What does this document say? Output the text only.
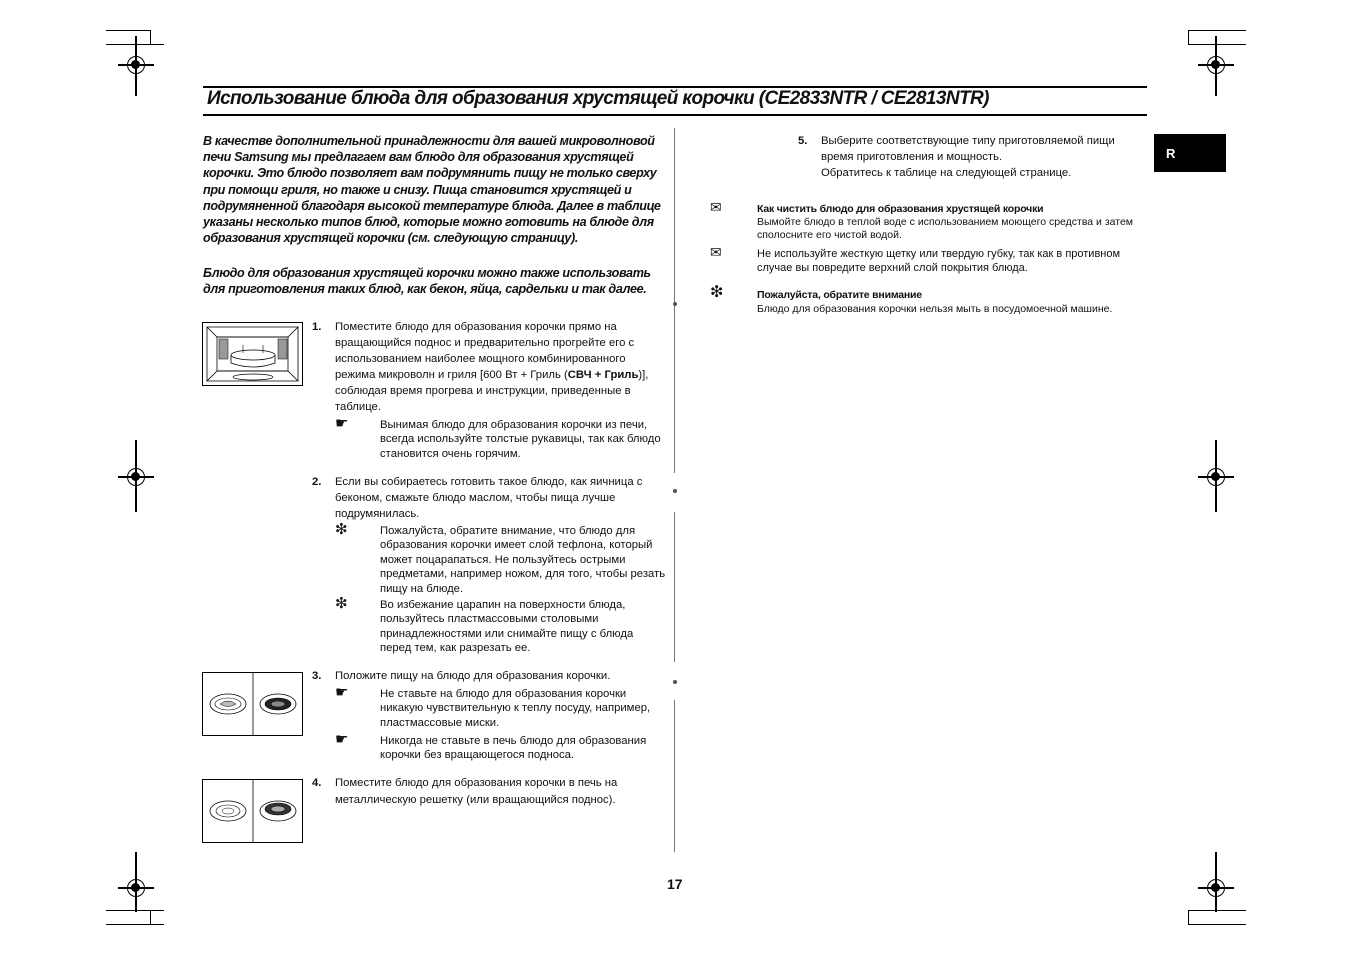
Использование блюда для образования хрустящей корочки (CE2833NTR / CE2813NTR)
R
В качестве дополнительной принадлежности для вашей микроволновой печи Samsung мы предлагаем вам блюдо для образования хрустящей корочки. Это блюдо позволяет вам подрумянить пищу не только сверху при помощи гриля, но также и снизу. Пища становится хрустящей и подрумяненной благодаря высокой температуре блюда. Далее в таблице указаны несколько типов блюд, которые можно готовить на блюде для образования хрустящей корочки (см. следующую страницу).
Блюдо для образования хрустящей корочки можно также использовать для приготовления таких блюд, как бекон, яйца, сардельки и так далее.
1. Поместите блюдо для образования корочки прямо на вращающийся поднос и предварительно прогрейте его с использованием наиболее мощного комбинированного режима микроволн и гриля [600 Вт + Гриль (СВЧ + Гриль)], соблюдая время прогрева и инструкции, приведенные в таблице.
☛	Вынимая блюдо для образования корочки из печи, всегда используйте толстые рукавицы, так как блюдо становится очень горячим.
2. Если вы собираетесь готовить такое блюдо, как яичница с беконом, смажьте блюдо маслом, чтобы пища лучше подрумянилась.
❇	Пожалуйста, обратите внимание, что блюдо для образования корочки имеет слой тефлона, который может поцарапаться. Не пользуйтесь острыми предметами, например ножом, для того, чтобы резать пищу на блюде.
❇	Во избежание царапин на поверхности блюда, пользуйтесь пластмассовыми столовыми принадлежностями или снимайте пищу с блюда перед тем, как разрезать ее.
3. Положите пищу на блюдо для образования корочки.
☛	Не ставьте на блюдо для образования корочки никакую чувствительную к теплу посуду, например, пластмассовые миски.
☛	Никогда не ставьте в печь блюдо для образования корочки без вращающегося подноса.
4. Поместите блюдо для образования корочки в печь на металлическую решетку (или вращающийся поднос).
5. Выберите соответствующие типу приготовляемой пищи время приготовления и мощность.
Обратитесь к таблице на следующей странице.
✉	Как чистить блюдо для образования хрустящей корочки
Вымойте блюдо в теплой воде с использованием моющего средства и затем сполосните его чистой водой.
✉	Не используйте жесткую щетку или твердую губку, так как в противном случае вы повредите верхний слой покрытия блюда.
❇	Пожалуйста, обратите внимание
Блюдо для образования корочки нельзя мыть в посудомоечной машине.
17
